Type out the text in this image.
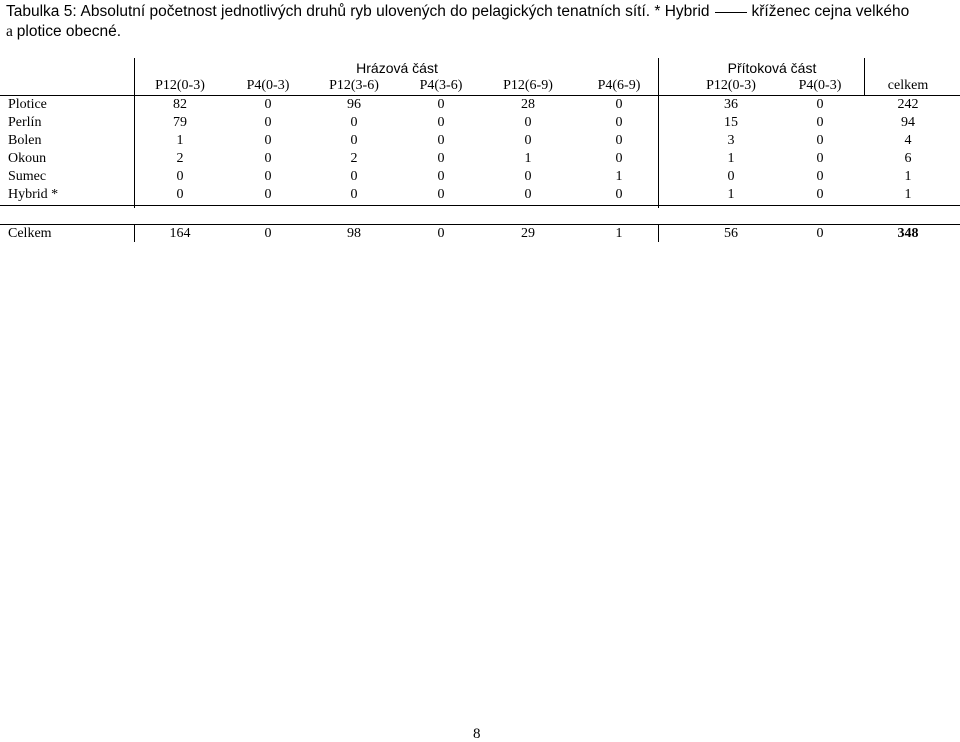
Tabulka 5: Absolutní početnost jednotlivých druhů ryb ulovených do pelagických tenatních sítí. * Hybrid	kříženec cejna velkého
a plotice obecné.
Hrázová část	Přítoková část
P12(0-3)	P4(0-3)	P12(3-6)	P4(3-6)	P12(6-9)	P4(6-9)	P12(0-3)	P4(0-3)	celkem
Plotice	82	0	96	0	28	0	36	0	242
Perlín	79	0	0	0	0	0	15	0	94
Bolen	1	0	0	0	0	0	3	0	4
Okoun	2	0	2	0	1	0	1	0	6
Sumec	0	0	0	0	0	1	0	0	1
Hybrid *	0	0	0	0	0	0	1	0	1
Celkem	164	0	98	0	29	1	56	0	348
8
